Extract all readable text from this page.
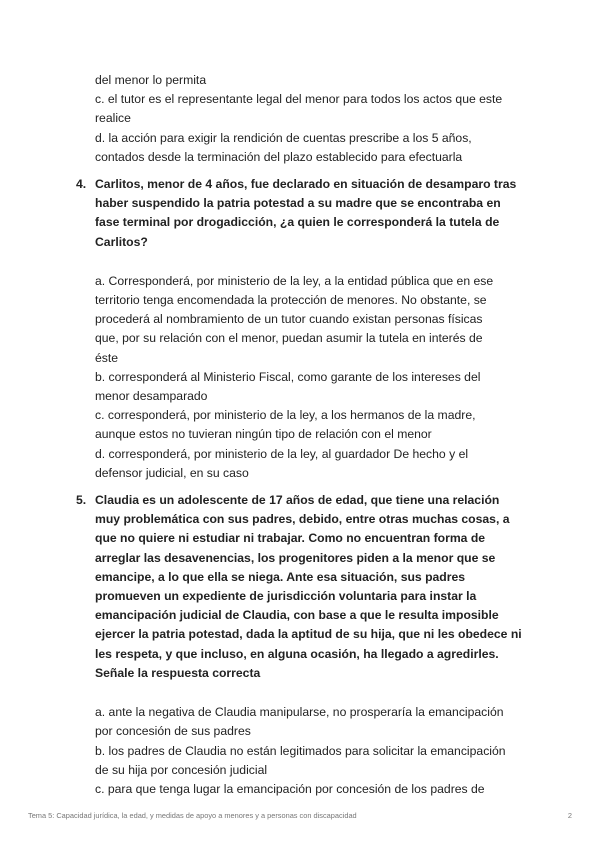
del menor lo permita

c. el tutor es el representante legal del menor para todos los actos que este

realice

d. la acción para exigir la rendición de cuentas prescribe a los 5 años,

contados desde la terminación del plazo establecido para efectuarla

4. Carlitos, menor de 4 años, fue declarado en situación de desamparo tras

haber suspendido la patria potestad a su madre que se encontraba en

fase terminal por drogadicción, ¿a quien le corresponderá la tutela de

Carlitos?

a. Corresponderá, por ministerio de la ley, a la entidad pública que en ese

territorio tenga encomendada la protección de menores. No obstante, se

procederá al nombramiento de un tutor cuando existan personas físicas

que, por su relación con el menor, puedan asumir la tutela en interés de

éste

b. corresponderá al Ministerio Fiscal, como garante de los intereses del

menor desamparado

c. corresponderá, por ministerio de la ley, a los hermanos de la madre,

aunque estos no tuvieran ningún tipo de relación con el menor

d. corresponderá, por ministerio de la ley, al guardador De hecho y el

defensor judicial, en su caso

5. Claudia es un adolescente de 17 años de edad, que tiene una relación

muy problemática con sus padres, debido, entre otras muchas cosas, a

que no quiere ni estudiar ni trabajar. Como no encuentran forma de

arreglar las desavenencias, los progenitores piden a la menor que se

emancipe, a lo que ella se niega. Ante esa situación, sus padres

promueven un expediente de jurisdicción voluntaria para instar la

emancipación judicial de Claudia, con base a que le resulta imposible

ejercer la patria potestad, dada la aptitud de su hija, que ni les obedece ni

les respeta, y que incluso, en alguna ocasión, ha llegado a agredirles.

Señale la respuesta correcta

a. ante la negativa de Claudia manipularse, no prosperaría la emancipación

por concesión de sus padres

b. los padres de Claudia no están legitimados para solicitar la emancipación

de su hija por concesión judicial

c. para que tenga lugar la emancipación por concesión de los padres de

Tema 5: Capacidad jurídica, la edad, y medidas de apoyo a menores y a personas con discapacidad	2
